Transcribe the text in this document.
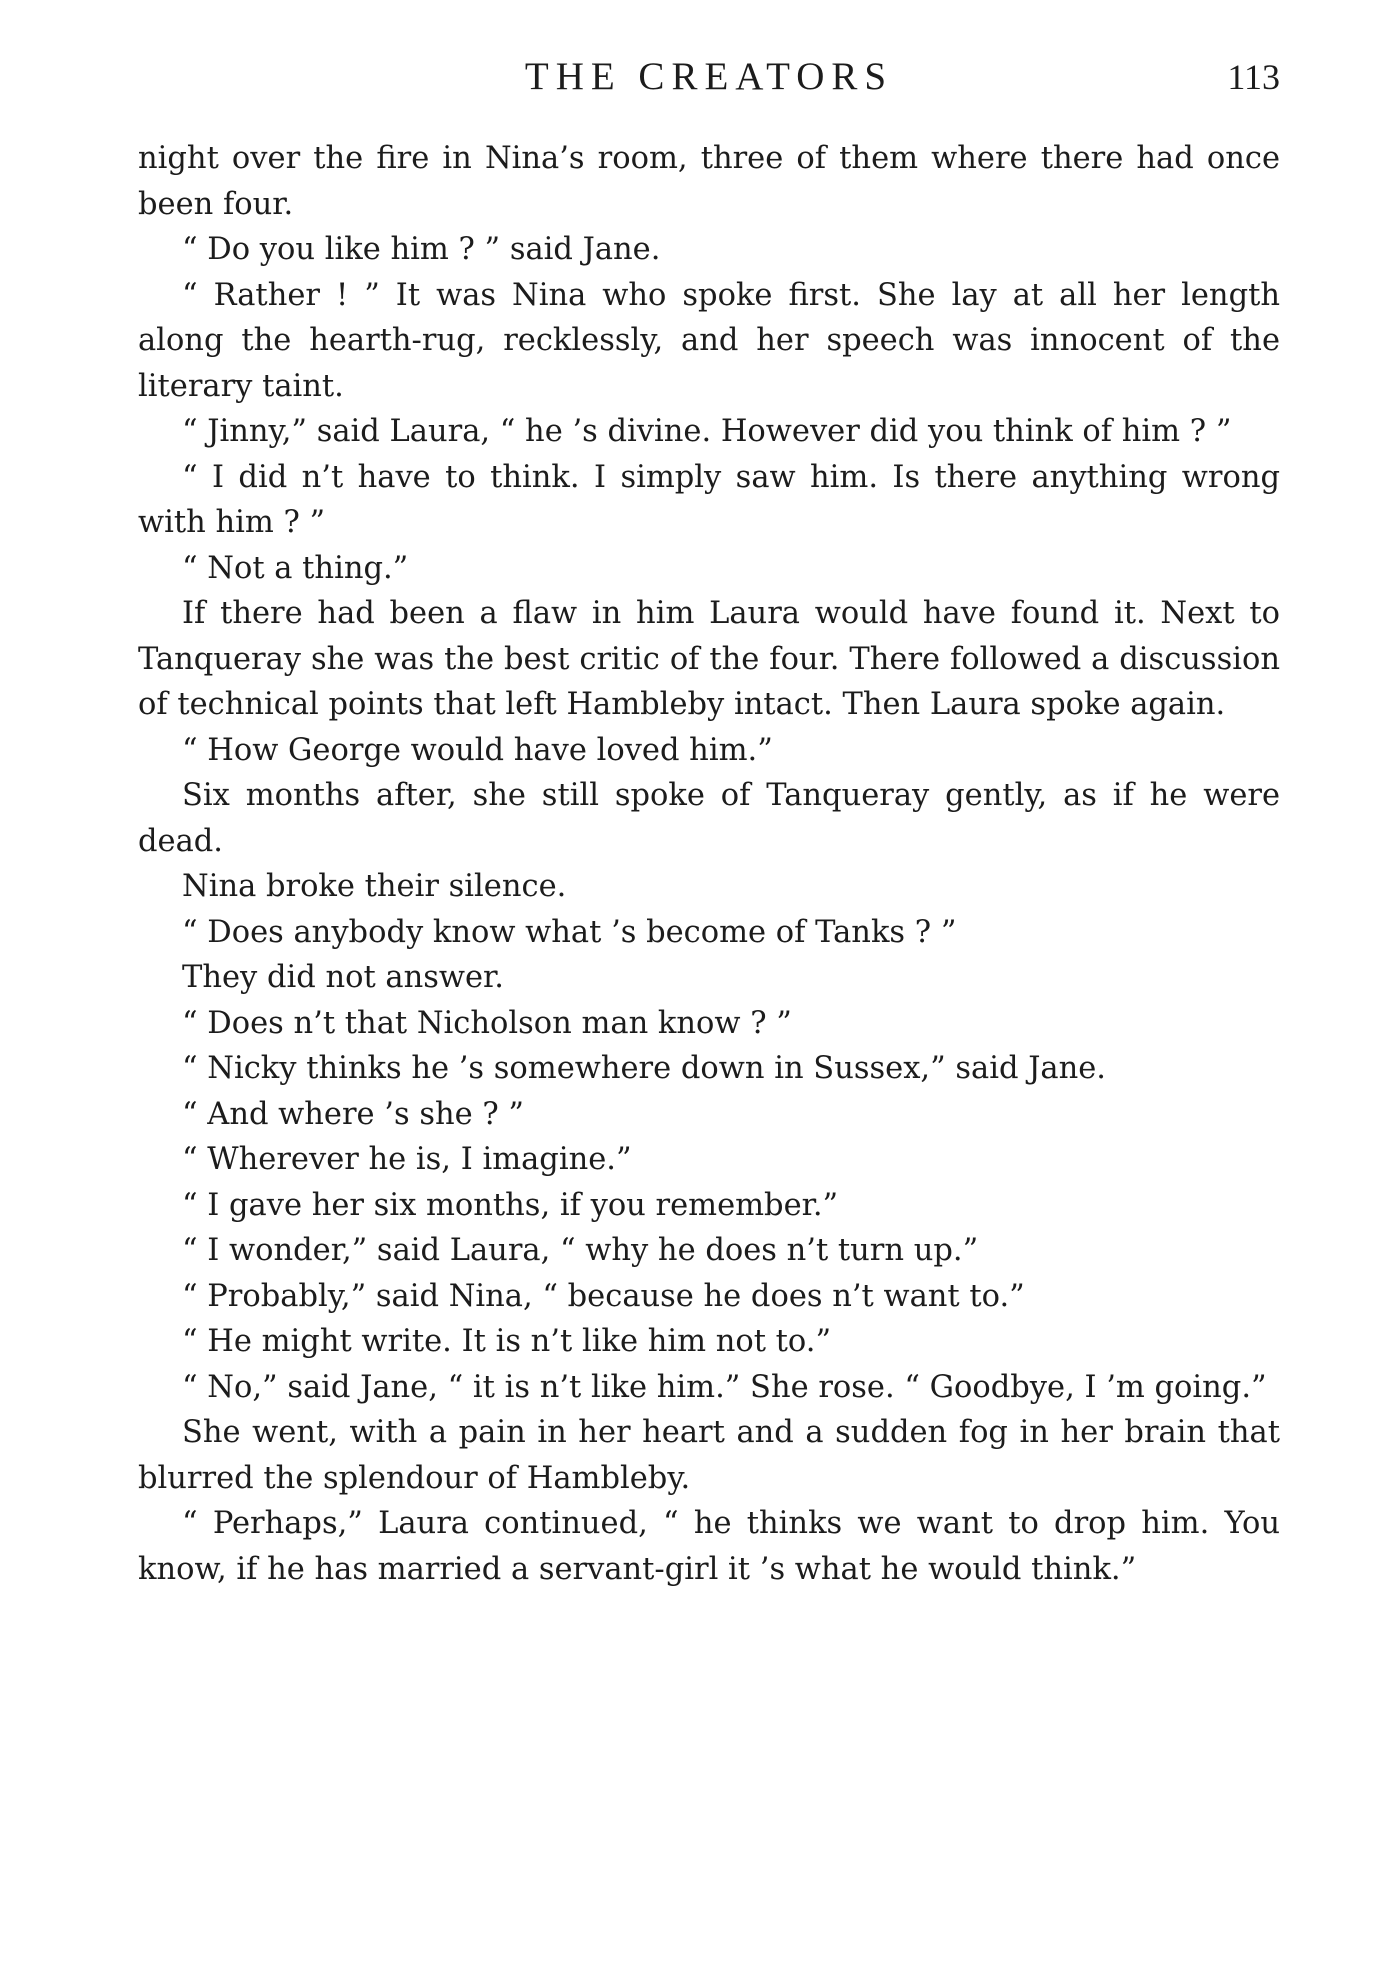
THE CREATORS	113

night over the fire in Nina’s room, three of them where there had once been four.

“ Do you like him ? ” said Jane.

“ Rather ! ” It was Nina who spoke first. She lay at all her length along the hearth-rug, recklessly, and her speech was innocent of the literary taint.

“ Jinny,” said Laura, “ he ’s divine. However did you think of him ? ”

“ I did n’t have to think. I simply saw him. Is there anything wrong with him ? ”

“ Not a thing.”

If there had been a flaw in him Laura would have found it. Next to Tanqueray she was the best critic of the four. There followed a discussion of technical points that left Hambleby intact. Then Laura spoke again.

“ How George would have loved him.”

Six months after, she still spoke of Tanqueray gently, as if he were dead.

Nina broke their silence.

“ Does anybody know what ’s become of Tanks ? ”

They did not answer.

“ Does n’t that Nicholson man know ? ”

“ Nicky thinks he ’s somewhere down in Sussex,” said Jane.

“ And where ’s she ? ”

“ Wherever he is, I imagine.”

“ I gave her six months, if you remember.”

“ I wonder,” said Laura, “ why he does n’t turn up.”

“ Probably,” said Nina, “ because he does n’t want to.”

“ He might write. It is n’t like him not to.”

“ No,” said Jane, “ it is n’t like him.” She rose. “ Goodbye, I ’m going.”

She went, with a pain in her heart and a sudden fog in her brain that blurred the splendour of Hambleby.

“ Perhaps,” Laura continued, “ he thinks we want to drop him. You know, if he has married a servant-girl it ’s what he would think.”
